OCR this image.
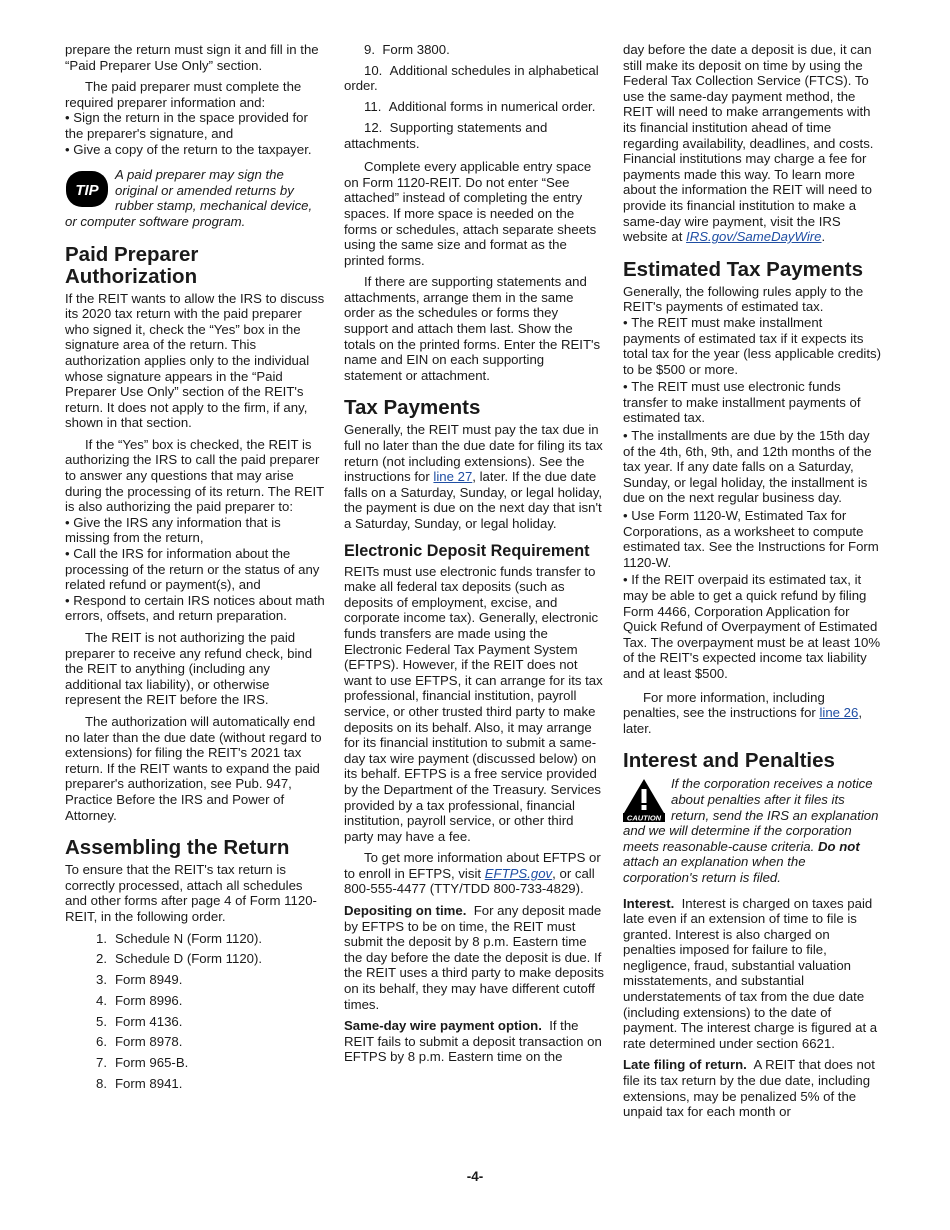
prepare the return must sign it and fill in the “Paid Preparer Use Only” section.

The paid preparer must complete the required preparer information and:

• Sign the return in the space provided for the preparer's signature, and
• Give a copy of the return to the taxpayer.
TIP
A paid preparer may sign the original or amended returns by rubber stamp, mechanical device, or computer software program.
Paid Preparer Authorization

If the REIT wants to allow the IRS to discuss its 2020 tax return with the paid preparer who signed it, check the “Yes” box in the signature area of the return. This authorization applies only to the individual whose signature appears in the “Paid Preparer Use Only” section of the REIT's return. It does not apply to the firm, if any, shown in that section.

If the “Yes” box is checked, the REIT is authorizing the IRS to call the paid preparer to answer any questions that may arise during the processing of its return. The REIT is also authorizing the paid preparer to:

• Give the IRS any information that is missing from the return,
• Call the IRS for information about the processing of the return or the status of any related refund or payment(s), and
• Respond to certain IRS notices about math errors, offsets, and return preparation.

The REIT is not authorizing the paid preparer to receive any refund check, bind the REIT to anything (including any additional tax liability), or otherwise represent the REIT before the IRS.

The authorization will automatically end no later than the due date (without regard to extensions) for filing the REIT's 2021 tax return. If the REIT wants to expand the paid preparer's authorization, see Pub. 947, Practice Before the IRS and Power of Attorney.

Assembling the Return

To ensure that the REIT's tax return is correctly processed, attach all schedules and other forms after page 4 of Form 1120-REIT, in the following order.

1. Schedule N (Form 1120).
2. Schedule D (Form 1120).
3. Form 8949.
4. Form 8996.
5. Form 4136.
6. Form 8978.
7. Form 965-B.
8. Form 8941.
9. Form 3800.
10. Additional schedules in alphabetical order.
11. Additional forms in numerical order.
12. Supporting statements and attachments.

Complete every applicable entry space on Form 1120-REIT. Do not enter “See attached” instead of completing the entry spaces. If more space is needed on the forms or schedules, attach separate sheets using the same size and format as the printed forms.

If there are supporting statements and attachments, arrange them in the same order as the schedules or forms they support and attach them last. Show the totals on the printed forms. Enter the REIT's name and EIN on each supporting statement or attachment.

Tax Payments

Generally, the REIT must pay the tax due in full no later than the due date for filing its tax return (not including extensions). See the instructions for line 27, later. If the due date falls on a Saturday, Sunday, or legal holiday, the payment is due on the next day that isn't a Saturday, Sunday, or legal holiday.

Electronic Deposit Requirement

REITs must use electronic funds transfer to make all federal tax deposits (such as deposits of employment, excise, and corporate income tax). Generally, electronic funds transfers are made using the Electronic Federal Tax Payment System (EFTPS). However, if the REIT does not want to use EFTPS, it can arrange for its tax professional, financial institution, payroll service, or other trusted third party to make deposits on its behalf. Also, it may arrange for its financial institution to submit a same-day tax wire payment (discussed below) on its behalf. EFTPS is a free service provided by the Department of the Treasury. Services provided by a tax professional, financial institution, payroll service, or other third party may have a fee.

To get more information about EFTPS or to enroll in EFTPS, visit EFTPS.gov, or call 800-555-4477 (TTY/TDD 800-733-4829).

Depositing on time. For any deposit made by EFTPS to be on time, the REIT must submit the deposit by 8 p.m. Eastern time the day before the date the deposit is due. If the REIT uses a third party to make deposits on its behalf, they may have different cutoff times.

Same-day wire payment option. If the REIT fails to submit a deposit transaction on EFTPS by 8 p.m. Eastern time on the

day before the date a deposit is due, it can still make its deposit on time by using the Federal Tax Collection Service (FTCS). To use the same-day payment method, the REIT will need to make arrangements with its financial institution ahead of time regarding availability, deadlines, and costs. Financial institutions may charge a fee for payments made this way. To learn more about the information the REIT will need to provide its financial institution to make a same-day wire payment, visit the IRS website at IRS.gov/SameDayWire.

Estimated Tax Payments

Generally, the following rules apply to the REIT's payments of estimated tax.

• The REIT must make installment payments of estimated tax if it expects its total tax for the year (less applicable credits) to be $500 or more.
• The REIT must use electronic funds transfer to make installment payments of estimated tax.
• The installments are due by the 15th day of the 4th, 6th, 9th, and 12th months of the tax year. If any date falls on a Saturday, Sunday, or legal holiday, the installment is due on the next regular business day.
• Use Form 1120-W, Estimated Tax for Corporations, as a worksheet to compute estimated tax. See the Instructions for Form 1120-W.
• If the REIT overpaid its estimated tax, it may be able to get a quick refund by filing Form 4466, Corporation Application for Quick Refund of Overpayment of Estimated Tax. The overpayment must be at least 10% of the REIT's expected income tax liability and at least $500.

For more information, including penalties, see the instructions for line 26, later.

Interest and Penalties
CAUTION
If the corporation receives a notice about penalties after it files its return, send the IRS an explanation and we will determine if the corporation meets reasonable-cause criteria. Do not attach an explanation when the corporation's return is filed.

Interest. Interest is charged on taxes paid late even if an extension of time to file is granted. Interest is also charged on penalties imposed for failure to file, negligence, fraud, substantial valuation misstatements, and substantial understatements of tax from the due date (including extensions) to the date of payment. The interest charge is figured at a rate determined under section 6621.

Late filing of return. A REIT that does not file its tax return by the due date, including extensions, may be penalized 5% of the unpaid tax for each month or

-4-
